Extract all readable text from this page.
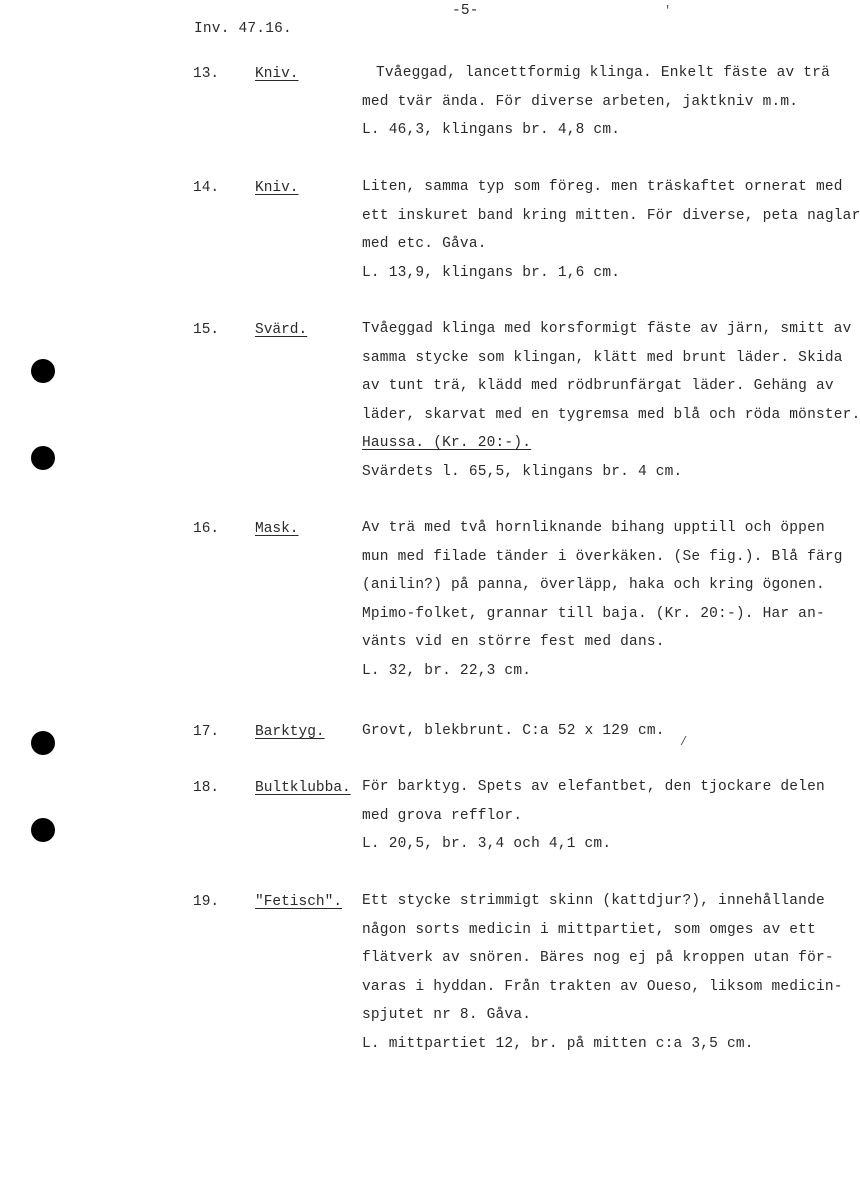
'
/
-5-
Inv. 47.16.
13. Kniv.	Tvåeggad, lancettformig klinga. Enkelt fäste av trä
med tvär ända. För diverse arbeten, jaktkniv m.m.
L. 46,3, klingans br. 4,8 cm.
14. Kniv.	Liten, samma typ som föreg. men träskaftet ornerat med
ett inskuret band kring mitten. För diverse, peta naglar
med etc. Gåva.
L. 13,9, klingans br. 1,6 cm.
15. Svärd.	Tvåeggad klinga med korsformigt fäste av järn, smitt av
samma stycke som klingan, klätt med brunt läder. Skida
av tunt trä, klädd med rödbrunfärgat läder. Gehäng av
läder, skarvat med en tygremsa med blå och röda mönster.
Haussa. (Kr. 20:-).
Svärdets l. 65,5, klingans br. 4 cm.
16. Mask.	Av trä med två hornliknande bihang upptill och öppen
mun med filade tänder i överkäken. (Se fig.). Blå färg
(anilin?) på panna, överläpp, haka och kring ögonen.
Mpimo-folket, grannar till baja. (Kr. 20:-). Har an-
vänts vid en större fest med dans.
L. 32, br. 22,3 cm.
17. Barktyg.	Grovt, blekbrunt. C:a 52 x 129 cm.
18. Bultklubba. För barktyg. Spets av elefantbet, den tjockare delen
med grova refflor.
L. 20,5, br. 3,4 och 4,1 cm.
19. "Fetisch". Ett stycke strimmigt skinn (kattdjur?), innehållande
någon sorts medicin i mittpartiet, som omges av ett
flätverk av snören. Bäres nog ej på kroppen utan för-
varas i hyddan. Från trakten av Oueso, liksom medicin-
spjutet nr 8. Gåva.
L. mittpartiet 12, br. på mitten c:a 3,5 cm.
